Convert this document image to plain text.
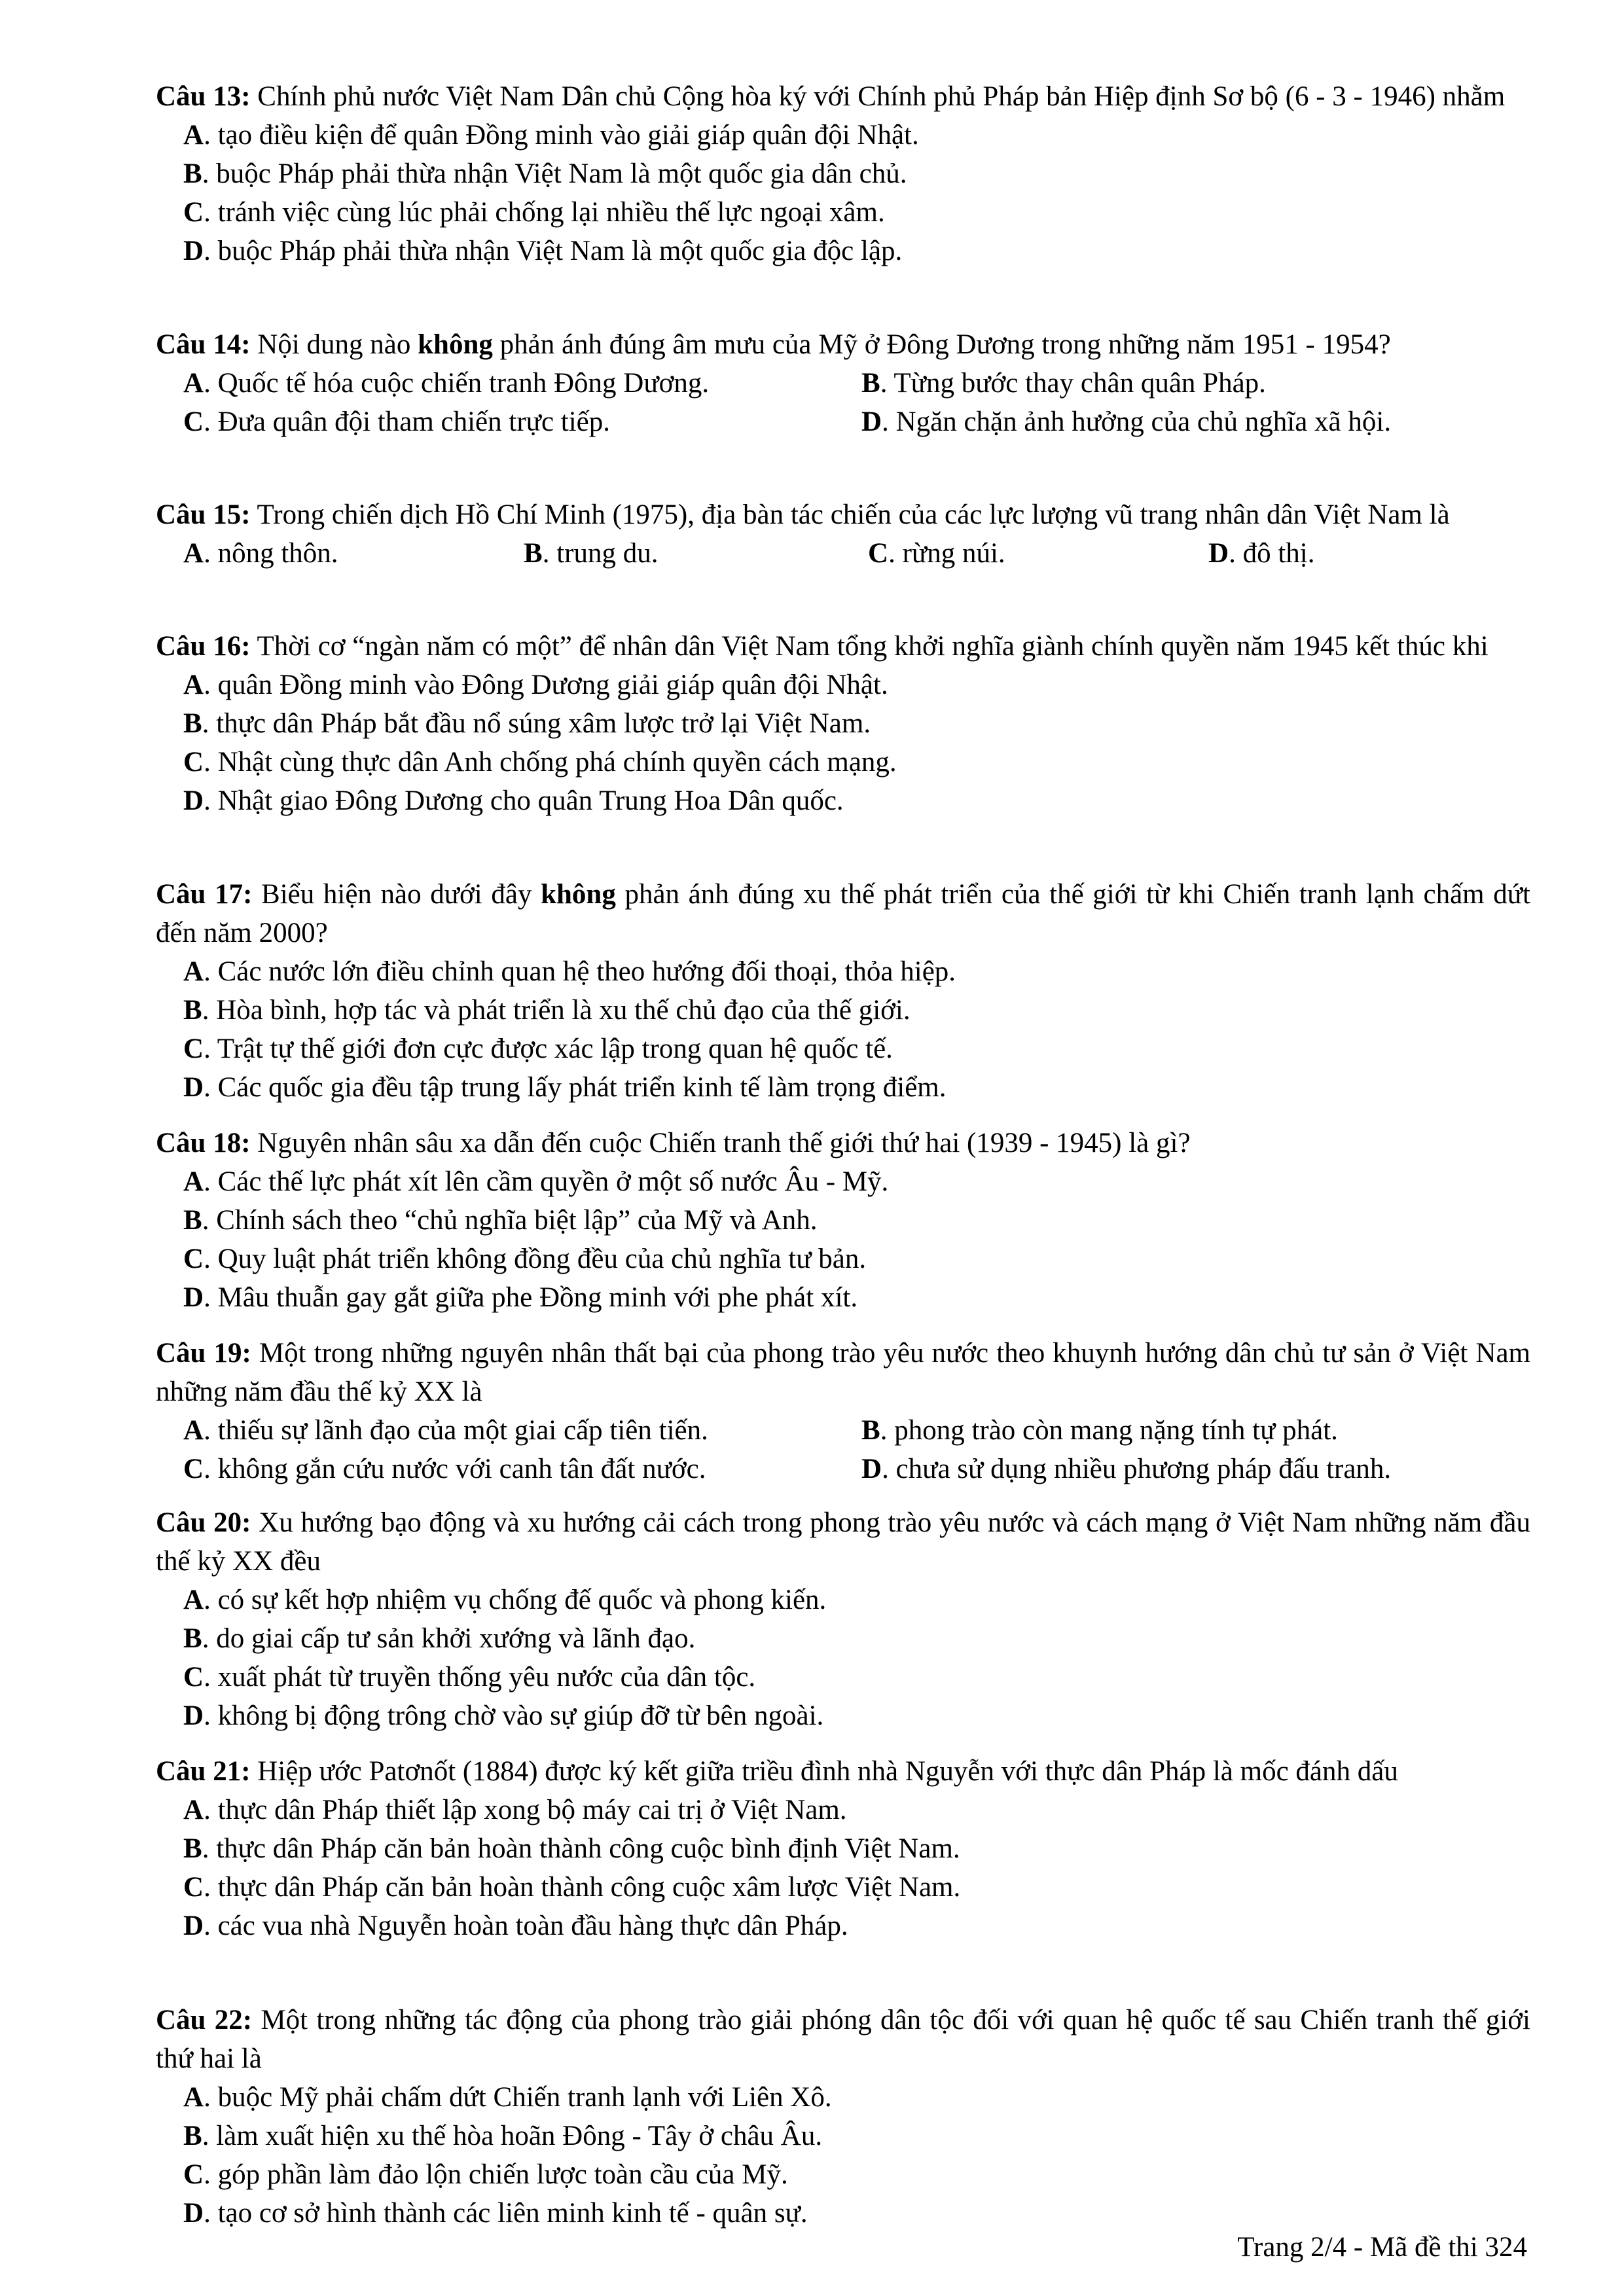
Câu 13: Chính phủ nước Việt Nam Dân chủ Cộng hòa ký với Chính phủ Pháp bản Hiệp định Sơ bộ (6 - 3 - 1946) nhằm

A. tạo điều kiện để quân Đồng minh vào giải giáp quân đội Nhật.
B. buộc Pháp phải thừa nhận Việt Nam là một quốc gia dân chủ.
C. tránh việc cùng lúc phải chống lại nhiều thế lực ngoại xâm.
D. buộc Pháp phải thừa nhận Việt Nam là một quốc gia độc lập.

Câu 14: Nội dung nào không phản ánh đúng âm mưu của Mỹ ở Đông Dương trong những năm 1951 - 1954?

A. Quốc tế hóa cuộc chiến tranh Đông Dương.	B. Từng bước thay chân quân Pháp.
C. Đưa quân đội tham chiến trực tiếp.	D. Ngăn chặn ảnh hưởng của chủ nghĩa xã hội.

Câu 15: Trong chiến dịch Hồ Chí Minh (1975), địa bàn tác chiến của các lực lượng vũ trang nhân dân Việt Nam là

A. nông thôn.	B. trung du.	C. rừng núi.	D. đô thị.

Câu 16: Thời cơ “ngàn năm có một” để nhân dân Việt Nam tổng khởi nghĩa giành chính quyền năm 1945 kết thúc khi

A. quân Đồng minh vào Đông Dương giải giáp quân đội Nhật.
B. thực dân Pháp bắt đầu nổ súng xâm lược trở lại Việt Nam.
C. Nhật cùng thực dân Anh chống phá chính quyền cách mạng.
D. Nhật giao Đông Dương cho quân Trung Hoa Dân quốc.

Câu 17: Biểu hiện nào dưới đây không phản ánh đúng xu thế phát triển của thế giới từ khi Chiến tranh lạnh chấm dứt đến năm 2000?

A. Các nước lớn điều chỉnh quan hệ theo hướng đối thoại, thỏa hiệp.
B. Hòa bình, hợp tác và phát triển là xu thế chủ đạo của thế giới.
C. Trật tự thế giới đơn cực được xác lập trong quan hệ quốc tế.
D. Các quốc gia đều tập trung lấy phát triển kinh tế làm trọng điểm.

Câu 18: Nguyên nhân sâu xa dẫn đến cuộc Chiến tranh thế giới thứ hai (1939 - 1945) là gì?

A. Các thế lực phát xít lên cầm quyền ở một số nước Âu - Mỹ.
B. Chính sách theo “chủ nghĩa biệt lập” của Mỹ và Anh.
C. Quy luật phát triển không đồng đều của chủ nghĩa tư bản.
D. Mâu thuẫn gay gắt giữa phe Đồng minh với phe phát xít.

Câu 19: Một trong những nguyên nhân thất bại của phong trào yêu nước theo khuynh hướng dân chủ tư sản ở Việt Nam những năm đầu thế kỷ XX là

A. thiếu sự lãnh đạo của một giai cấp tiên tiến.	B. phong trào còn mang nặng tính tự phát.
C. không gắn cứu nước với canh tân đất nước.	D. chưa sử dụng nhiều phương pháp đấu tranh.

Câu 20: Xu hướng bạo động và xu hướng cải cách trong phong trào yêu nước và cách mạng ở Việt Nam những năm đầu thế kỷ XX đều

A. có sự kết hợp nhiệm vụ chống đế quốc và phong kiến.
B. do giai cấp tư sản khởi xướng và lãnh đạo.
C. xuất phát từ truyền thống yêu nước của dân tộc.
D. không bị động trông chờ vào sự giúp đỡ từ bên ngoài.

Câu 21: Hiệp ước Patơnốt (1884) được ký kết giữa triều đình nhà Nguyễn với thực dân Pháp là mốc đánh dấu

A. thực dân Pháp thiết lập xong bộ máy cai trị ở Việt Nam.
B. thực dân Pháp căn bản hoàn thành công cuộc bình định Việt Nam.
C. thực dân Pháp căn bản hoàn thành công cuộc xâm lược Việt Nam.
D. các vua nhà Nguyễn hoàn toàn đầu hàng thực dân Pháp.

Câu 22: Một trong những tác động của phong trào giải phóng dân tộc đối với quan hệ quốc tế sau Chiến tranh thế giới thứ hai là

A. buộc Mỹ phải chấm dứt Chiến tranh lạnh với Liên Xô.
B. làm xuất hiện xu thế hòa hoãn Đông - Tây ở châu Âu.
C. góp phần làm đảo lộn chiến lược toàn cầu của Mỹ.
D. tạo cơ sở hình thành các liên minh kinh tế - quân sự.
Trang 2/4 - Mã đề thi 324
